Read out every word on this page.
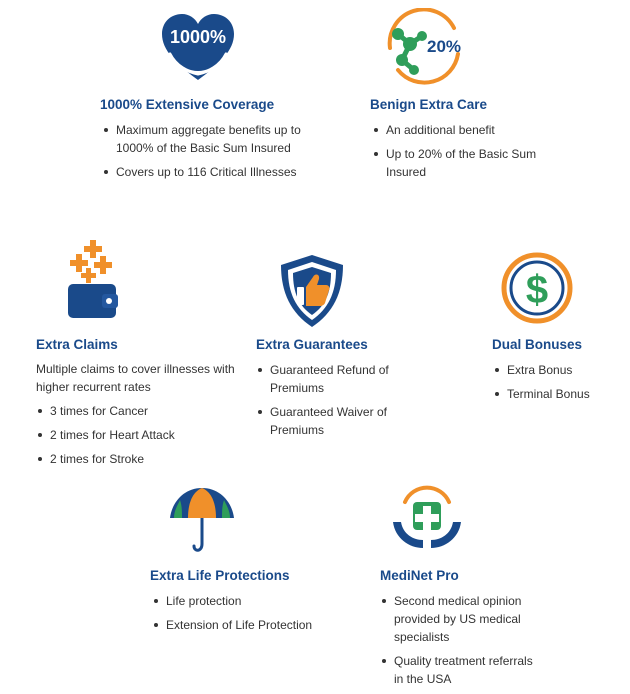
1000%
1000% Extensive Coverage
Maximum aggregate benefits up to 1000% of the Basic Sum Insured
Covers up to 116 Critical Illnesses
20%
Benign Extra Care
An additional benefit
Up to 20% of the Basic Sum Insured
Extra Claims

Multiple claims to cover illnesses with higher recurrent rates

3 times for Cancer
2 times for Heart Attack
2 times for Stroke
Extra Guarantees
Guaranteed Refund of Premiums
Guaranteed Waiver of Premiums
$
Dual Bonuses
Extra Bonus
Terminal Bonus
Extra Life Protections
Life protection
Extension of Life Protection
MediNet Pro
Second medical opinion provided by US medical specialists
Quality treatment referrals in the USA
